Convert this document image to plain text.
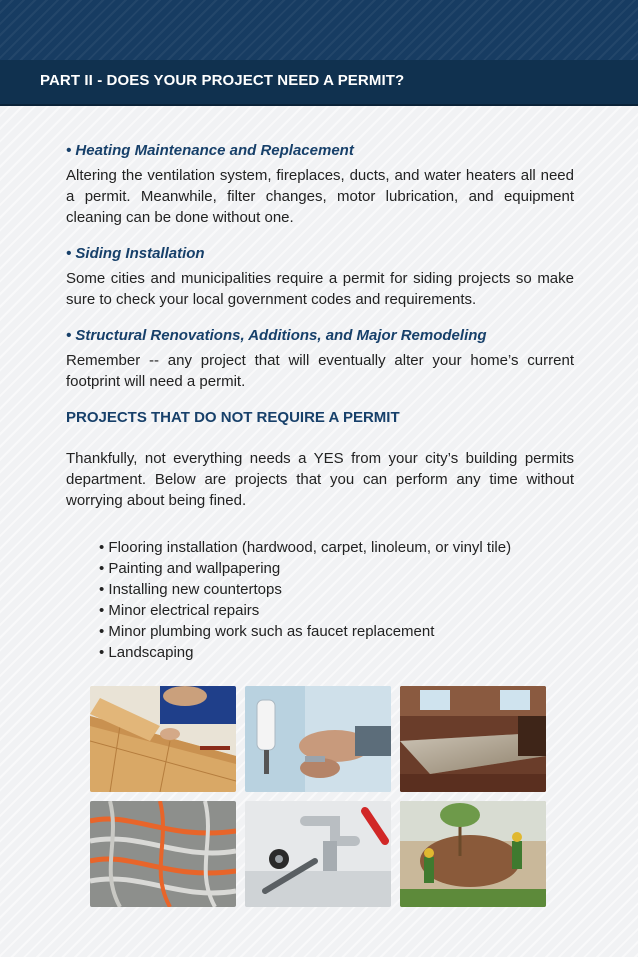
PART II - DOES YOUR PROJECT NEED A PERMIT?

• Heating Maintenance and Replacement

Altering the ventilation system, fireplaces, ducts, and water heaters all need a permit. Meanwhile, filter changes, motor lubrication, and equipment cleaning can be done without one.

• Siding Installation

Some cities and municipalities require a permit for siding projects so make sure to check your local government codes and requirements.

• Structural Renovations, Additions, and Major Remodeling

Remember -- any project that will eventually alter your home’s current footprint will need a permit.

PROJECTS THAT DO NOT REQUIRE A PERMIT

Thankfully, not everything needs a YES from your city’s building permits department. Below are projects that you can perform any time without worrying about being fined.

• Flooring installation (hardwood, carpet, linoleum, or vinyl tile)
• Painting and wallpapering
• Installing new countertops
• Minor electrical repairs
• Minor plumbing work such as faucet replacement
• Landscaping
